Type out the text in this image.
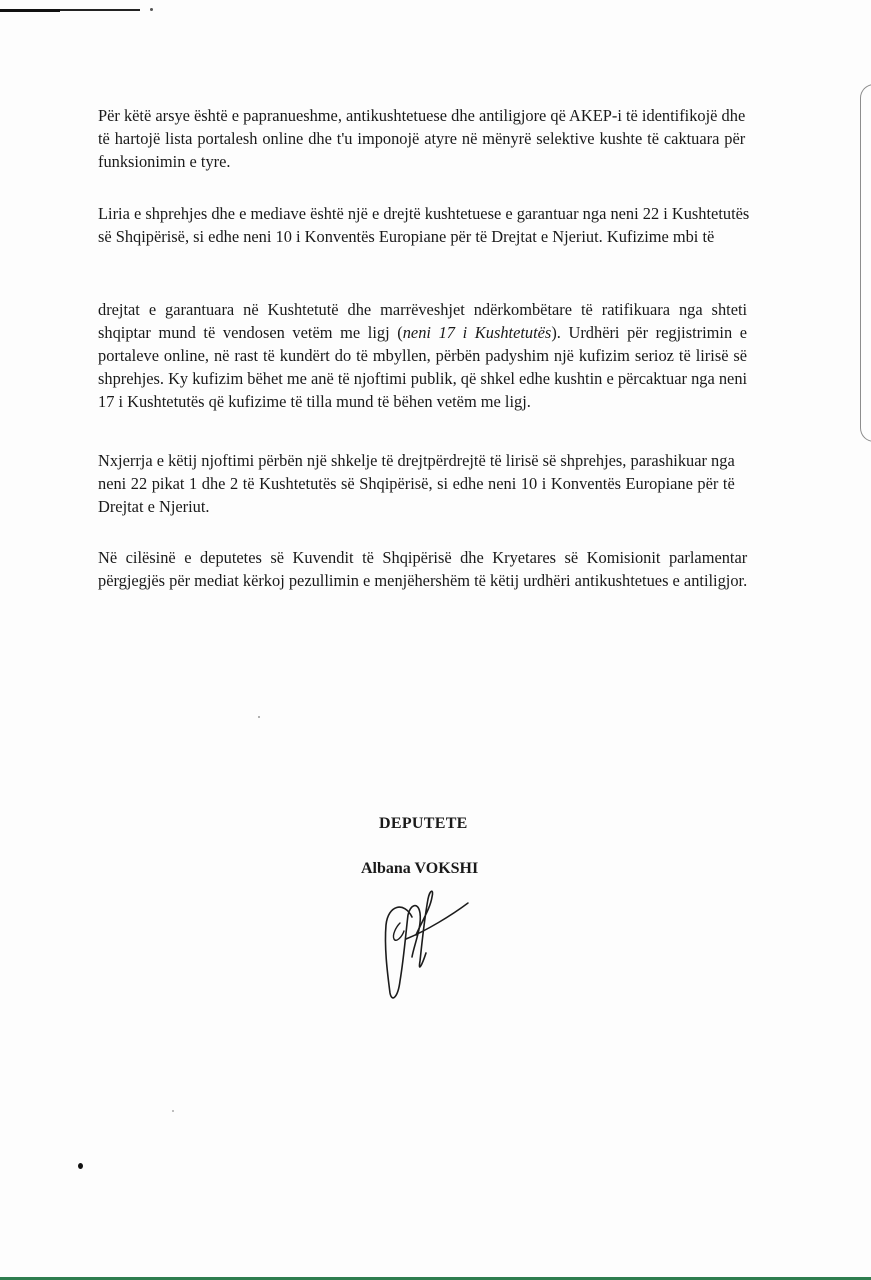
Për këtë arsye është e papranueshme, antikushtetuese dhe antiligjore që AKEP-i të identifikojë dhe
të hartojë lista portalesh online dhe t'u imponojë atyre në mënyrë selektive kushte të caktuara për
funksionimin e tyre.

Liria e shprehjes dhe e mediave është një e drejtë kushtetuese e garantuar nga neni 22 i Kushtetutës
së Shqipërisë, si edhe neni 10 i Konventës Europiane për të Drejtat e Njeriut. Kufizime mbi të

drejtat e garantuara në Kushtetutë dhe marrëveshjet ndërkombëtare të ratifikuara nga shteti
shqiptar mund të vendosen vetëm me ligj (neni 17 i Kushtetutës). Urdhëri për regjistrimin e
portaleve online, në rast të kundërt do të mbyllen, përbën padyshim një kufizim serioz të lirisë së
shprehjes. Ky kufizim bëhet me anë të njoftimi publik, që shkel edhe kushtin e përcaktuar nga neni
17 i Kushtetutës që kufizime të tilla mund të bëhen vetëm me ligj.

Nxjerrja e këtij njoftimi përbën një shkelje të drejtpërdrejtë të lirisë së shprehjes, parashikuar nga
neni 22 pikat 1 dhe 2 të Kushtetutës së Shqipërisë, si edhe neni 10 i Konventës Europiane për të
Drejtat e Njeriut.

Në cilësinë e deputetes së Kuvendit të Shqipërisë dhe Kryetares së Komisionit parlamentar
përgjegjës për mediat kërkoj pezullimin e menjëhershëm të këtij urdhëri antikushtetues e antiligjor.

DEPUTETE
Albana VOKSHI
